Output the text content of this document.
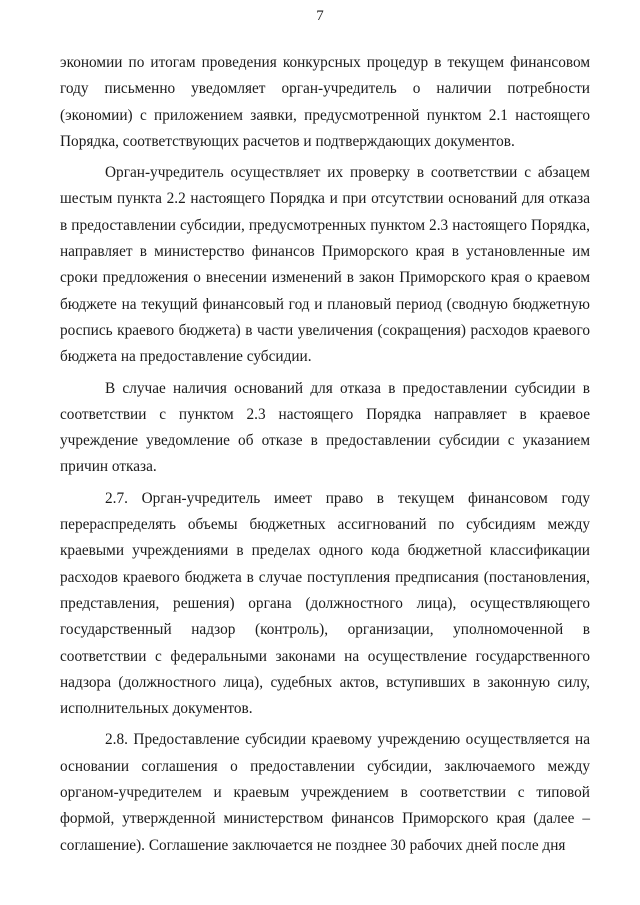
7

экономии по итогам проведения конкурсных процедур в текущем финансовом году письменно уведомляет орган-учредитель о наличии потребности (экономии) с приложением заявки, предусмотренной пунктом 2.1 настоящего Порядка, соответствующих расчетов и подтверждающих документов.

Орган-учредитель осуществляет их проверку в соответствии с абзацем шестым пункта 2.2 настоящего Порядка и при отсутствии оснований для отказа в предоставлении субсидии, предусмотренных пунктом 2.3 настоящего Порядка, направляет в министерство финансов Приморского края в установленные им сроки предложения о внесении изменений в закон Приморского края о краевом бюджете на текущий финансовый год и плановый период (сводную бюджетную роспись краевого бюджета) в части увеличения (сокращения) расходов краевого бюджета на предоставление субсидии.

В случае наличия оснований для отказа в предоставлении субсидии в соответствии с пунктом 2.3 настоящего Порядка направляет в краевое учреждение уведомление об отказе в предоставлении субсидии с указанием причин отказа.

2.7. Орган-учредитель имеет право в текущем финансовом году перераспределять объемы бюджетных ассигнований по субсидиям между краевыми учреждениями в пределах одного кода бюджетной классификации расходов краевого бюджета в случае поступления предписания (постановления, представления, решения) органа (должностного лица), осуществляющего государственный надзор (контроль), организации, уполномоченной в соответствии с федеральными законами на осуществление государственного надзора (должностного лица), судебных актов, вступивших в законную силу, исполнительных документов.

2.8. Предоставление субсидии краевому учреждению осуществляется на основании соглашения о предоставлении субсидии, заключаемого между органом-учредителем и краевым учреждением в соответствии с типовой формой, утвержденной министерством финансов Приморского края (далее – соглашение). Соглашение заключается не позднее 30 рабочих дней после дня
